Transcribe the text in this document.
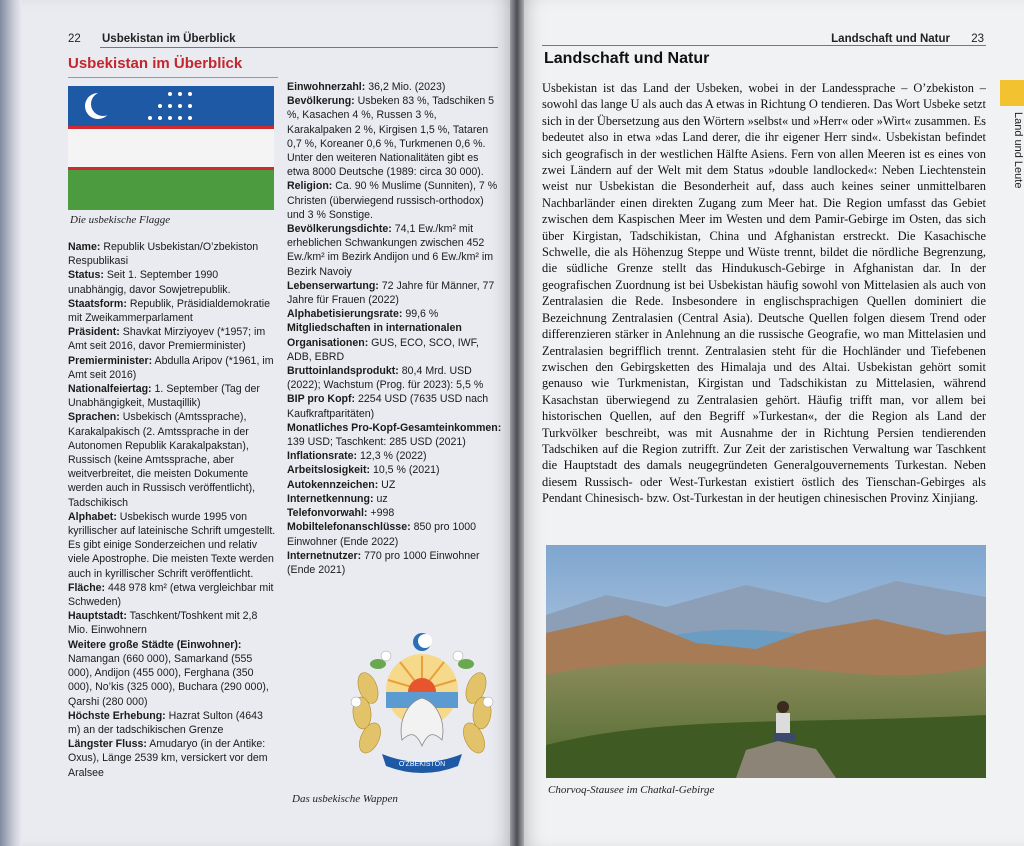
22 Usbekistan im Überblick
Usbekistan im Überblick
Die usbekische Flagge

Name: Republik Usbekistan/O’zbekiston Respublikasi

Status: Seit 1. September 1990 unabhängig, davor Sowjetrepublik.

Staatsform: Republik, Präsidialdemokratie mit Zweikammerparlament

Präsident: Shavkat Mirziyoyev (*1957; im Amt seit 2016, davor Premierminister)

Premierminister: Abdulla Aripov (*1961, im Amt seit 2016)

Nationalfeiertag: 1. September (Tag der Unabhängigkeit, Mustaqillik)

Sprachen: Usbekisch (Amtssprache), Karakalpakisch (2. Amtssprache in der Autonomen Republik Karakalpakstan), Russisch (keine Amtssprache, aber weitverbreitet, die meisten Dokumente werden auch in Russisch veröffentlicht), Tadschikisch

Alphabet: Usbekisch wurde 1995 von kyrillischer auf lateinische Schrift umgestellt. Es gibt einige Sonderzeichen und relativ viele Apostrophe. Die meisten Texte werden auch in kyrillischer Schrift veröffentlicht.

Fläche: 448 978 km² (etwa vergleichbar mit Schweden)

Hauptstadt: Taschkent/Toshkent mit 2,8 Mio. Einwohnern

Weitere große Städte (Einwohner): Namangan (660 000), Samarkand (555 000), Andijon (455 000), Ferghana (350 000), No’kis (325 000), Buchara (290 000), Qarshi (280 000)

Höchste Erhebung: Hazrat Sulton (4643 m) an der tadschikischen Grenze

Längster Fluss: Amudaryo (in der Antike: Oxus), Länge 2539 km, versickert vor dem Aralsee

Einwohnerzahl: 36,2 Mio. (2023)

Bevölkerung: Usbeken 83 %, Tadschiken 5 %, Kasachen 4 %, Russen 3 %, Karakalpaken 2 %, Kirgisen 1,5 %, Tataren 0,7 %, Koreaner 0,6 %, Turkmenen 0,6 %. Unter den weiteren Nationalitäten gibt es etwa 8000 Deutsche (1989: circa 30 000).

Religion: Ca. 90 % Muslime (Sunniten), 7 % Christen (überwiegend russisch-orthodox) und 3 % Sonstige.

Bevölkerungsdichte: 74,1 Ew./km² mit erheblichen Schwankungen zwischen 452 Ew./km² im Bezirk Andijon und 6 Ew./km² im Bezirk Navoiy

Lebenserwartung: 72 Jahre für Männer, 77 Jahre für Frauen (2022)

Alphabetisierungsrate: 99,6 %

Mitgliedschaften in internationalen Organisationen: GUS, ECO, SCO, IWF, ADB, EBRD

Bruttoinlandsprodukt: 80,4 Mrd. USD (2022); Wachstum (Prog. für 2023): 5,5 %

BIP pro Kopf: 2254 USD (7635 USD nach Kaufkraftparitäten)

Monatliches Pro-Kopf-Gesamteinkommen: 139 USD; Taschkent: 285 USD (2021)

Inflationsrate: 12,3 % (2022)

Arbeitslosigkeit: 10,5 % (2021)

Autokennzeichen: UZ

Internetkennung: uz

Telefonvorwahl: +998

Mobiltelefonanschlüsse: 850 pro 1000 Einwohner (Ende 2022)

Internetnutzer: 770 pro 1000 Einwohner (Ende 2021)

O'ZBEKISTON
Das usbekische Wappen
Landschaft und Natur 23
Landschaft und Natur
Usbekistan ist das Land der Usbeken, wobei in der Landessprache – O’zbekiston – sowohl das lange U als auch das A etwas in Richtung O tendieren. Das Wort Usbeke setzt sich in der Übersetzung aus den Wörtern »selbst« und »Herr« oder »Wirt« zusammen. Es bedeutet also in etwa »das Land derer, die ihr eigener Herr sind«. Usbekistan befindet sich geografisch in der westlichen Hälfte Asiens. Fern von allen Meeren ist es eines von zwei Ländern auf der Welt mit dem Status »double landlocked«: Neben Liechtenstein weist nur Usbekistan die Besonderheit auf, dass auch keines seiner unmittelbaren Nachbarländer einen direkten Zugang zum Meer hat. Die Region umfasst das Gebiet zwischen dem Kaspischen Meer im Westen und dem Pamir-Gebirge im Osten, das sich über Kirgistan, Tadschikistan, China und Afghanistan erstreckt. Die Kasachische Schwelle, die als Höhenzug Steppe und Wüste trennt, bildet die nördliche Begrenzung, die südliche Grenze stellt das Hindukusch-Gebirge in Afghanistan dar. In der geografischen Zuordnung ist bei Usbekistan häufig sowohl von Mittelasien als auch von Zentralasien die Rede. Insbesondere in englischsprachigen Quellen dominiert die Bezeichnung Zentralasien (Central Asia). Deutsche Quellen folgen diesem Trend oder differenzieren stärker in Anlehnung an die russische Geografie, wo man Mittelasien und Zentralasien begrifflich trennt. Zentralasien steht für die Hochländer und Tiefebenen zwischen den Gebirgsketten des Himalaja und des Altai. Usbekistan gehört somit genauso wie Turkmenistan, Kirgistan und Tadschikistan zu Mittelasien, während Kasachstan überwiegend zu Zentralasien gehört. Häufig trifft man, vor allem bei historischen Quellen, auf den Begriff »Turkestan«, der die Region als Land der Turkvölker beschreibt, was mit Ausnahme der in Richtung Persien tendierenden Tadschiken auf die Region zutrifft. Zur Zeit der zaristischen Verwaltung war Taschkent die Hauptstadt des damals neugegründeten Generalgouvernements Turkestan. Neben diesem Russisch- oder West-Turkestan existiert östlich des Tienschan-Gebirges als Pendant Chinesisch- bzw. Ost-Turkestan in der heutigen chinesischen Provinz Xinjiang.
Land und Leute
Chorvoq-Stausee im Chatkal-Gebirge
